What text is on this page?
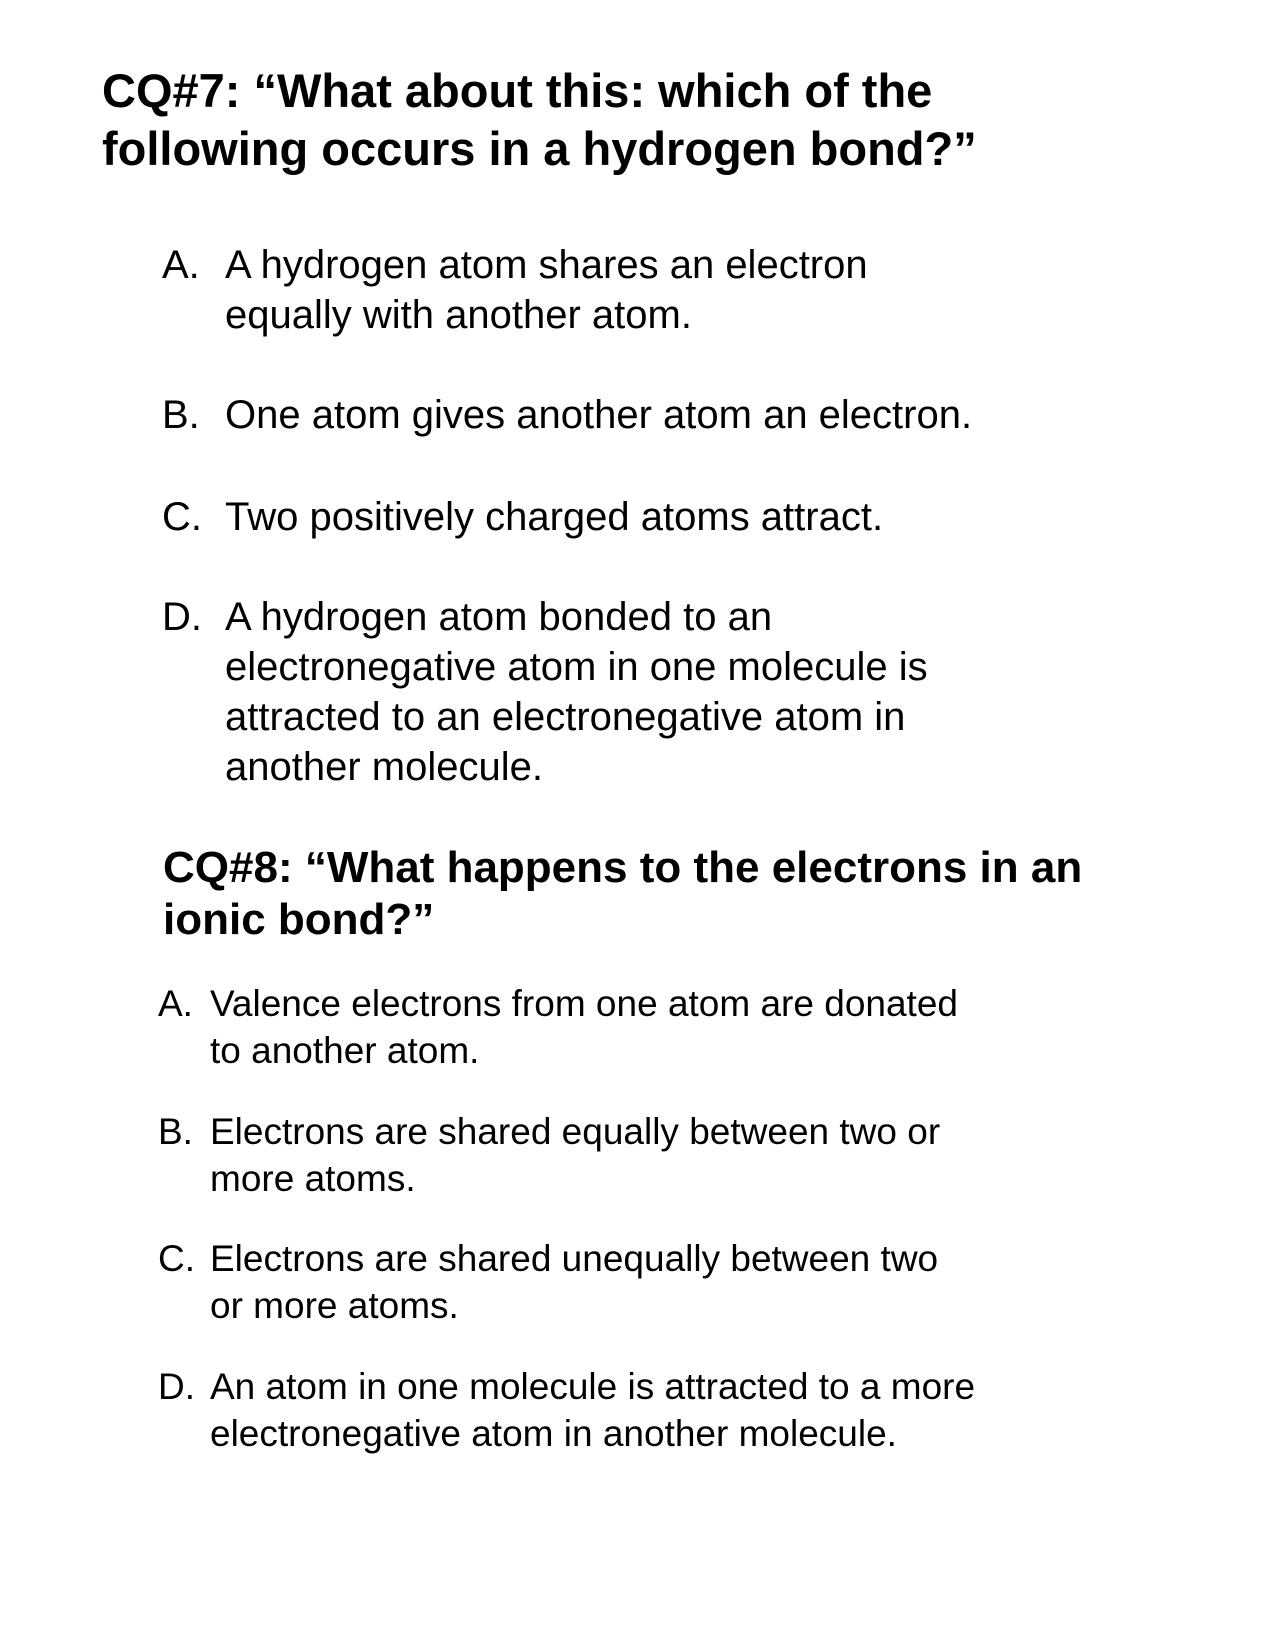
CQ#7: “What about this: which of the following occurs in a hydrogen bond?”
A. A hydrogen atom shares an electron
equally with another atom.
B. One atom gives another atom an electron.
C. Two positively charged atoms attract.
D. A hydrogen atom bonded to an
electronegative atom in one molecule is
attracted to an electronegative atom in
another molecule.
CQ#8: “What happens to the electrons in an ionic bond?”
A. Valence electrons from one atom are donated
to another atom.
B. Electrons are shared equally between two or
more atoms.
C. Electrons are shared unequally between two
or more atoms.
D. An atom in one molecule is attracted to a more
electronegative atom in another molecule.
